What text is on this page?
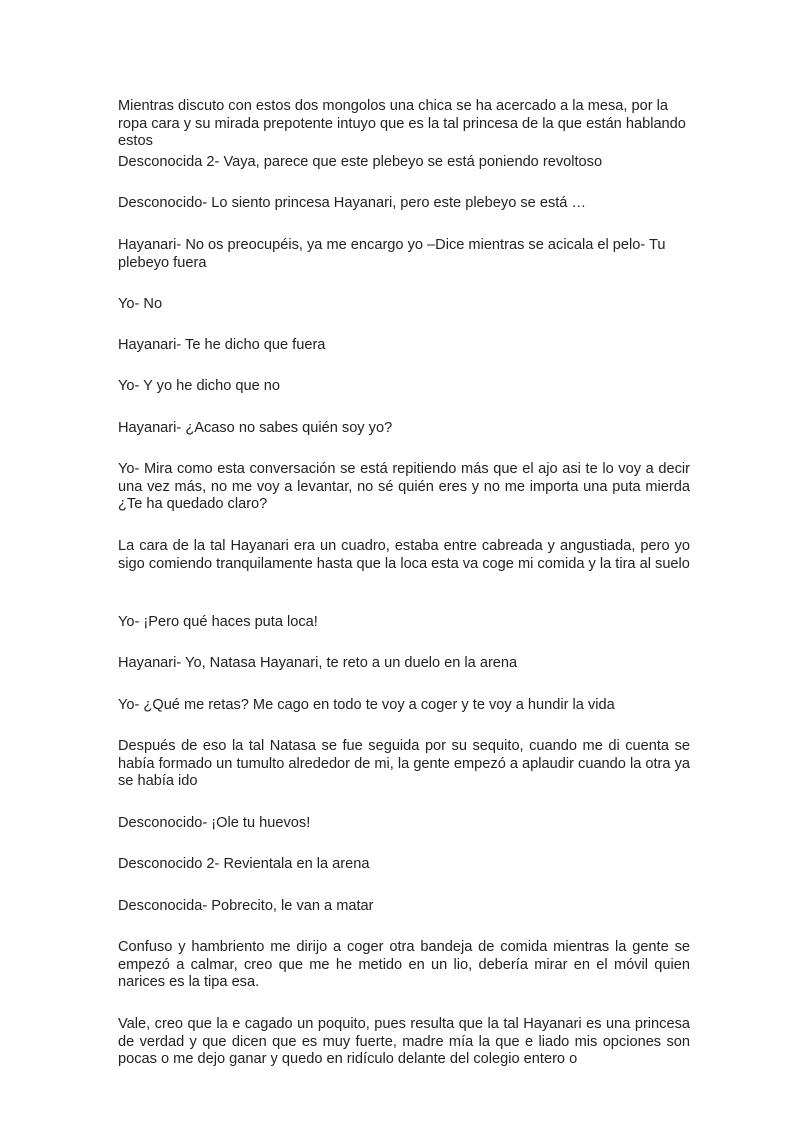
Mientras discuto con estos dos mongolos una chica se ha acercado a la mesa, por la ropa cara y su mirada prepotente intuyo que es la tal princesa de la que están hablando estos

Desconocida 2- Vaya, parece que este plebeyo se está poniendo revoltoso

Desconocido- Lo siento princesa Hayanari, pero este plebeyo se está …

Hayanari- No os preocupéis, ya me encargo yo –Dice mientras se acicala el pelo- Tu plebeyo fuera

Yo- No

Hayanari- Te he dicho que fuera

Yo- Y yo he dicho que no

Hayanari- ¿Acaso no sabes quién soy yo?

Yo- Mira como esta conversación se está repitiendo más que el ajo asi te lo voy a decir una vez más, no me voy a levantar, no sé quién eres y no me importa una puta mierda ¿Te ha quedado claro?

La cara de la tal Hayanari era un cuadro, estaba entre cabreada y angustiada, pero yo sigo comiendo tranquilamente hasta que la loca esta va coge mi comida y la tira al suelo

Yo- ¡Pero qué haces puta loca!

Hayanari- Yo, Natasa Hayanari, te reto a un duelo en la arena

Yo- ¿Qué me retas? Me cago en todo te voy a coger y te voy a hundir la vida

Después de eso la tal Natasa se fue seguida por su sequito, cuando me di cuenta se había formado un tumulto alrededor de mi, la gente empezó a aplaudir cuando la otra ya se había ido

Desconocido- ¡Ole tu huevos!

Desconocido 2- Revientala en la arena

Desconocida- Pobrecito, le van a matar

Confuso y hambriento me dirijo a coger otra bandeja de comida mientras la gente se empezó a calmar, creo que me he metido en un lio, debería mirar en el móvil quien narices es la tipa esa.

Vale, creo que la e cagado un poquito, pues resulta que la tal Hayanari es una princesa de verdad y que dicen que es muy fuerte, madre mía la que e liado mis opciones son pocas o me dejo ganar y quedo en ridículo delante del colegio entero o
